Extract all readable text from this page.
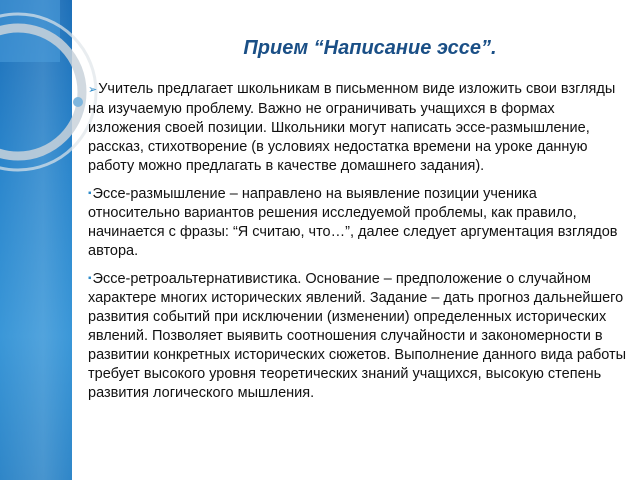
Прием “Написание эссе”.

➢Учитель предлагает школьникам в письменном виде изложить свои взгляды на изучаемую проблему. Важно не ограничивать учащихся в формах изложения своей позиции. Школьники могут написать эссе-размышление, рассказ, стихотворение (в условиях недостатка времени на уроке данную работу можно предлагать в качестве домашнего задания).

▪Эссе-размышление – направлено на выявление позиции ученика относительно вариантов решения исследуемой проблемы, как правило, начинается с фразы: “Я считаю, что…”, далее следует аргументация взглядов автора.

▪Эссе-ретроальтернативистика. Основание – предположение о случайном характере многих исторических явлений. Задание – дать прогноз дальнейшего развития событий при исключении (изменении) определенных исторических явлений. Позволяет выявить соотношения случайности и закономерности в развитии конкретных исторических сюжетов. Выполнение данного вида работы требует высокого уровня теоретических знаний учащихся, высокую степень развития логического мышления.
